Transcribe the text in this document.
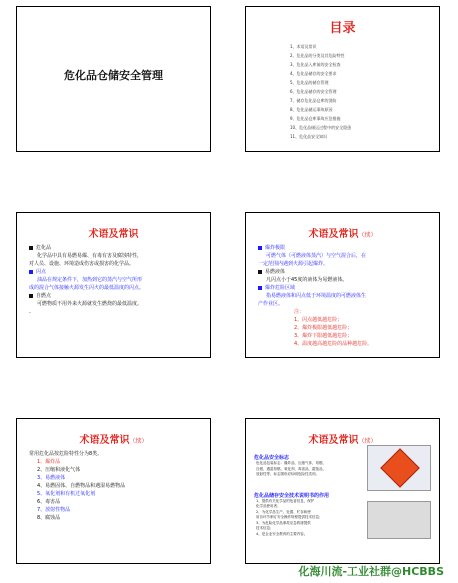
危化品仓储安全管理
目录
1、术语及常识
2、危化品的分类及其危险特性
3、危化品入库前的安全检查
4、危化品储存的安全要求
5、危化品的储存管理
6、危化品储存的安全管理
7、储存危化品仓库的消防
8、危化品储运事故原因
9、危化品仓库事故应急措施
10、危化品储运过程中的安全隐患
11、危化品安全知识
术语及常识
危化品
化学品中具有易燃易爆、有毒有害及腐蚀特性，
对人员、设施、环境造成伤害或损害的化学品。
闪点
油品在规定条件下，加热到它的蒸汽与空气所形
成的混合气体接触火源发生闪火的最低温度的闪点。
自燃点
可燃物质不用外来火源就发生燃烧的最低温度。
.
术语及常识（续）
爆炸极限
可燃气体（可燃液体蒸汽）与空气混合后，在
一定范围内遇到火源引起爆炸。
易燃液体
凡闪点小于45度的液体为易燃液体。
爆炸危险区域
指易燃液体和闪点低于环境温度的可燃液体生
产作业区。
注：
1、闪点越低越危险；
2、爆炸极限越低越危险；
3、爆炸下限越低越危险；
4、温度越高越危险的品种越危险。
术语及常识（续）
常用危化品按危险特性分为8类。
1、爆炸品
2、压缩和液化气体
3、易燃液体
4、易燃固体、自燃物品和遇湿易燃物品
5、氧化剂和有机过氧化剂
6、毒害品
7、放射性物品
8、腐蚀品
术语及常识（续）
危化品安全标志
危化品包装标志：爆炸品、压缩气体、易燃、
自燃、遇湿易燃、氧化剂、毒害品、腐蚀品、
放射性等，标志图形应标明危险性类别。
危化品储存安全技术说明书的作用
1、提供有关化学品的危害信息，保护
化学品使用者；
2、为化学品生产、处置、贮存和使
用各环节制订安全操作规程提供技术信息；
3、为危险化学品事故应急救援提供
技术信息；
4、是企业安全教育的主要内容。
化海川流-工业社群@HCBBS
